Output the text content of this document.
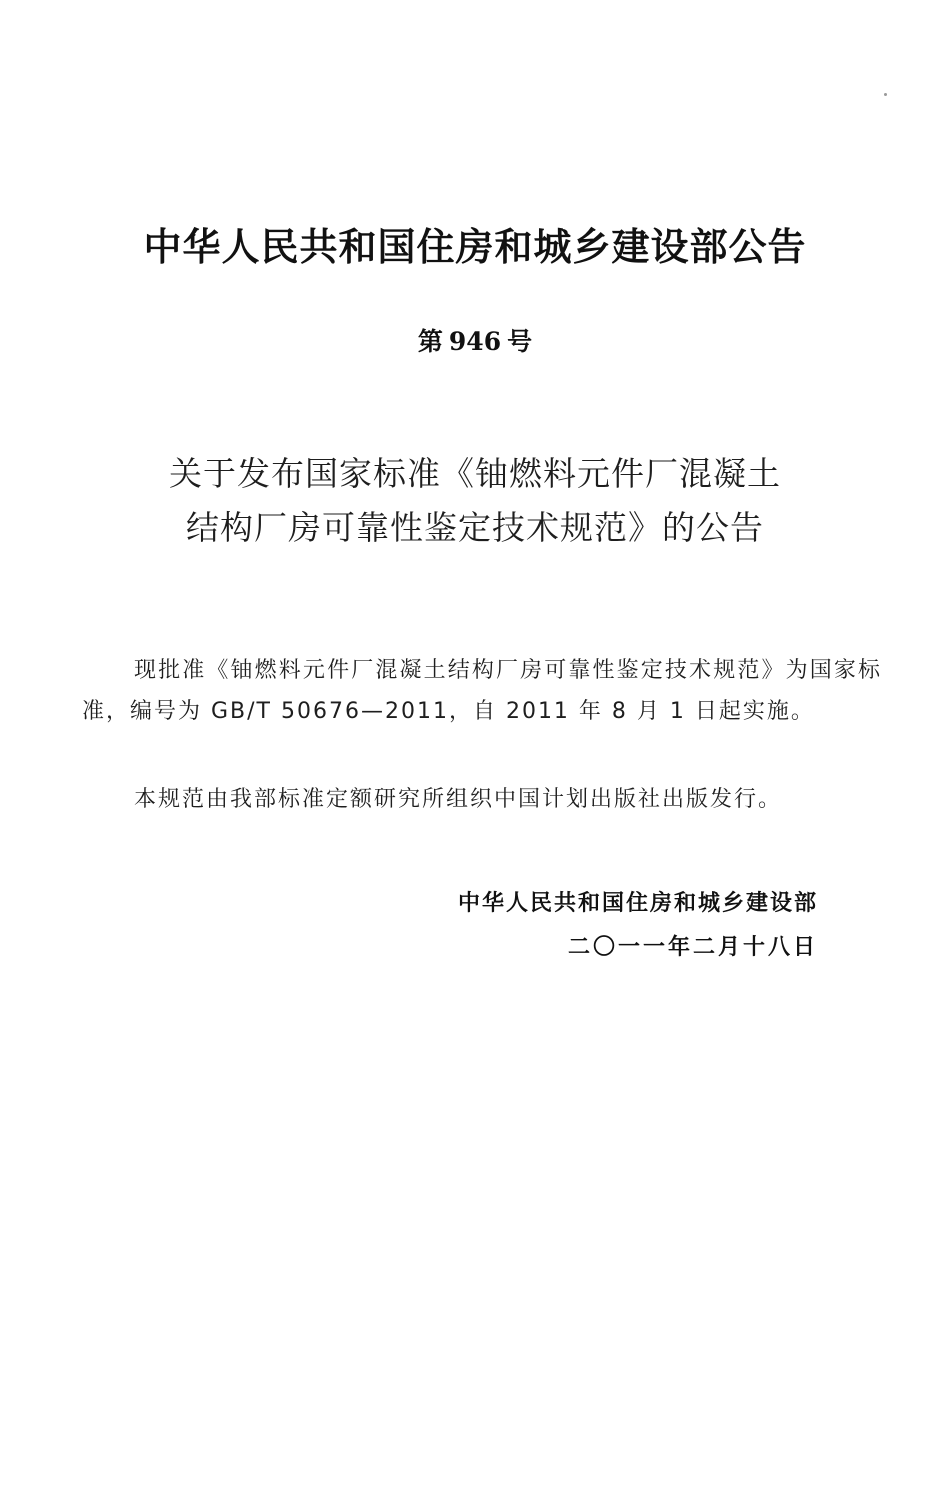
中华人民共和国住房和城乡建设部公告
第 946 号
关于发布国家标准《铀燃料元件厂混凝土
结构厂房可靠性鉴定技术规范》的公告

现批准《铀燃料元件厂混凝土结构厂房可靠性鉴定技术规范》为国家标准，编号为 GB/T 50676—2011，自 2011 年 8 月 1 日起实施。

本规范由我部标准定额研究所组织中国计划出版社出版发行。

中华人民共和国住房和城乡建设部
二〇一一年二月十八日
